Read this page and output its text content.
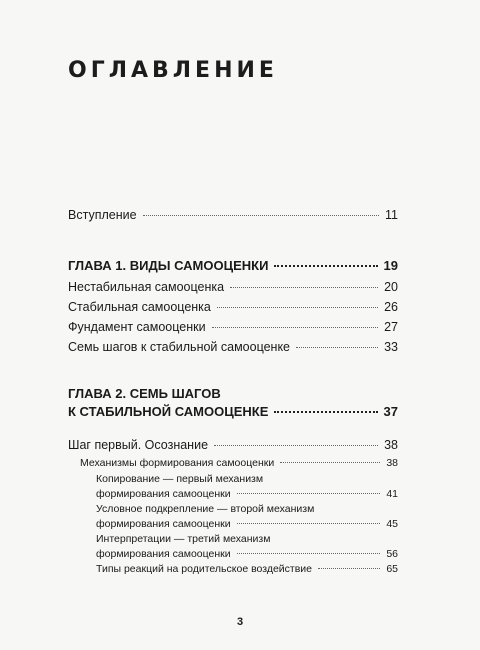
ОГЛАВЛЕНИЕ
Вступление	11
ГЛАВА 1. ВИДЫ САМООЦЕНКИ	19
Нестабильная самооценка	20
Стабильная самооценка	26
Фундамент самооценки	27
Семь шагов к стабильной самооценке	33
ГЛАВА 2. СЕМЬ ШАГОВ
К СТАБИЛЬНОЙ САМООЦЕНКЕ	37
Шаг первый. Осознание	38
Механизмы формирования самооценки	38
Копирование — первый механизм
формирования самооценки	41
Условное подкрепление — второй механизм
формирования самооценки	45
Интерпретации — третий механизм
формирования самооценки	56
Типы реакций на родительское воздействие	65
3
